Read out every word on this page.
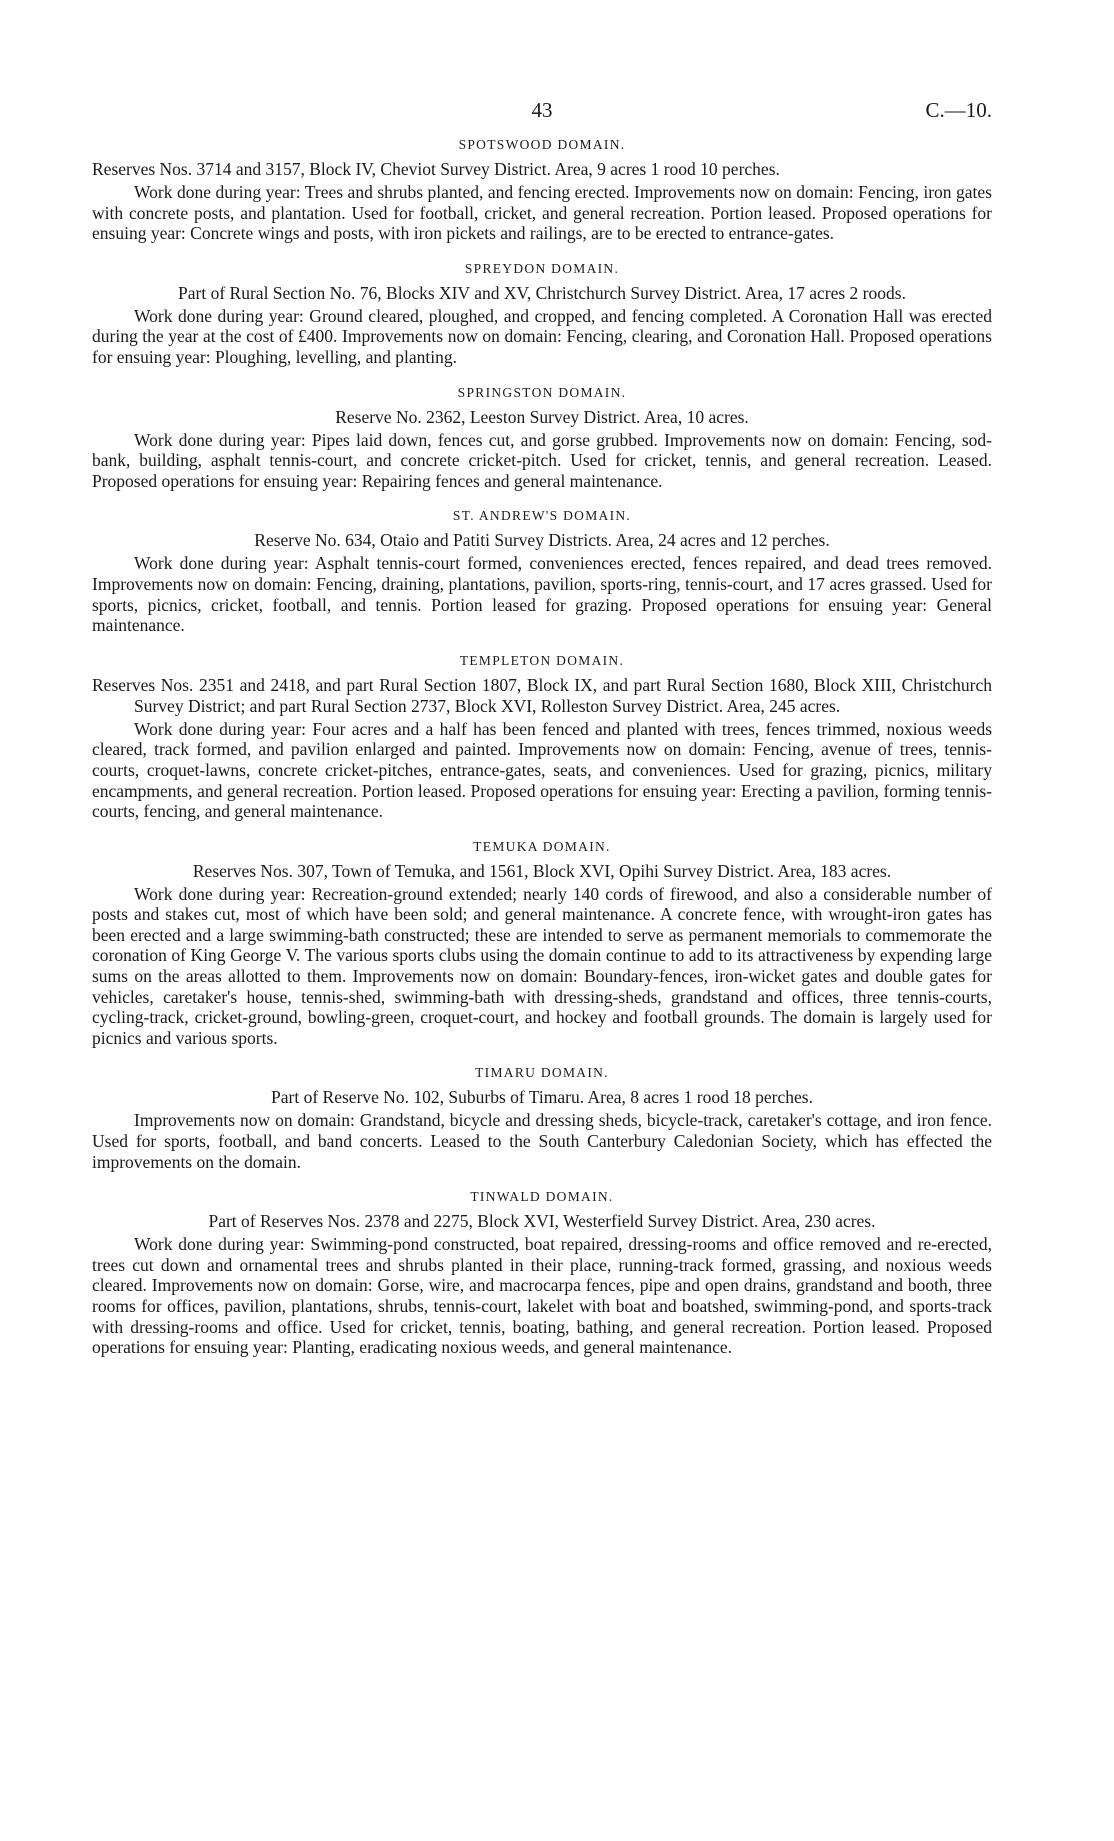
43	C.—10.
SPOTSWOOD DOMAIN.

Reserves Nos. 3714 and 3157, Block IV, Cheviot Survey District. Area, 9 acres 1 rood 10 perches.

Work done during year: Trees and shrubs planted, and fencing erected. Improvements now on domain: Fencing, iron gates with concrete posts, and plantation. Used for football, cricket, and general recreation. Portion leased. Proposed operations for ensuing year: Concrete wings and posts, with iron pickets and railings, are to be erected to entrance-gates.

SPREYDON DOMAIN.

Part of Rural Section No. 76, Blocks XIV and XV, Christchurch Survey District. Area, 17 acres 2 roods.

Work done during year: Ground cleared, ploughed, and cropped, and fencing completed. A Coronation Hall was erected during the year at the cost of £400. Improvements now on domain: Fencing, clearing, and Coronation Hall. Proposed operations for ensuing year: Ploughing, levelling, and planting.

SPRINGSTON DOMAIN.

Reserve No. 2362, Leeston Survey District. Area, 10 acres.

Work done during year: Pipes laid down, fences cut, and gorse grubbed. Improvements now on domain: Fencing, sod-bank, building, asphalt tennis-court, and concrete cricket-pitch. Used for cricket, tennis, and general recreation. Leased. Proposed operations for ensuing year: Repairing fences and general maintenance.

ST. ANDREW'S DOMAIN.

Reserve No. 634, Otaio and Patiti Survey Districts. Area, 24 acres and 12 perches.

Work done during year: Asphalt tennis-court formed, conveniences erected, fences repaired, and dead trees removed. Improvements now on domain: Fencing, draining, plantations, pavilion, sports-ring, tennis-court, and 17 acres grassed. Used for sports, picnics, cricket, football, and tennis. Portion leased for grazing. Proposed operations for ensuing year: General maintenance.

TEMPLETON DOMAIN.

Reserves Nos. 2351 and 2418, and part Rural Section 1807, Block IX, and part Rural Section 1680, Block XIII, Christchurch Survey District; and part Rural Section 2737, Block XVI, Rolleston Survey District. Area, 245 acres.

Work done during year: Four acres and a half has been fenced and planted with trees, fences trimmed, noxious weeds cleared, track formed, and pavilion enlarged and painted. Improvements now on domain: Fencing, avenue of trees, tennis-courts, croquet-lawns, concrete cricket-pitches, entrance-gates, seats, and conveniences. Used for grazing, picnics, military encampments, and general recreation. Portion leased. Proposed operations for ensuing year: Erecting a pavilion, forming tennis-courts, fencing, and general maintenance.

TEMUKA DOMAIN.

Reserves Nos. 307, Town of Temuka, and 1561, Block XVI, Opihi Survey District. Area, 183 acres.

Work done during year: Recreation-ground extended; nearly 140 cords of firewood, and also a considerable number of posts and stakes cut, most of which have been sold; and general maintenance. A concrete fence, with wrought-iron gates has been erected and a large swimming-bath constructed; these are intended to serve as permanent memorials to commemorate the coronation of King George V. The various sports clubs using the domain continue to add to its attractiveness by expending large sums on the areas allotted to them. Improvements now on domain: Boundary-fences, iron-wicket gates and double gates for vehicles, caretaker's house, tennis-shed, swimming-bath with dressing-sheds, grandstand and offices, three tennis-courts, cycling-track, cricket-ground, bowling-green, croquet-court, and hockey and football grounds. The domain is largely used for picnics and various sports.

TIMARU DOMAIN.

Part of Reserve No. 102, Suburbs of Timaru. Area, 8 acres 1 rood 18 perches.

Improvements now on domain: Grandstand, bicycle and dressing sheds, bicycle-track, caretaker's cottage, and iron fence. Used for sports, football, and band concerts. Leased to the South Canterbury Caledonian Society, which has effected the improvements on the domain.

TINWALD DOMAIN.

Part of Reserves Nos. 2378 and 2275, Block XVI, Westerfield Survey District. Area, 230 acres.

Work done during year: Swimming-pond constructed, boat repaired, dressing-rooms and office removed and re-erected, trees cut down and ornamental trees and shrubs planted in their place, running-track formed, grassing, and noxious weeds cleared. Improvements now on domain: Gorse, wire, and macrocarpa fences, pipe and open drains, grandstand and booth, three rooms for offices, pavilion, plantations, shrubs, tennis-court, lakelet with boat and boatshed, swimming-pond, and sports-track with dressing-rooms and office. Used for cricket, tennis, boating, bathing, and general recreation. Portion leased. Proposed operations for ensuing year: Planting, eradicating noxious weeds, and general maintenance.
